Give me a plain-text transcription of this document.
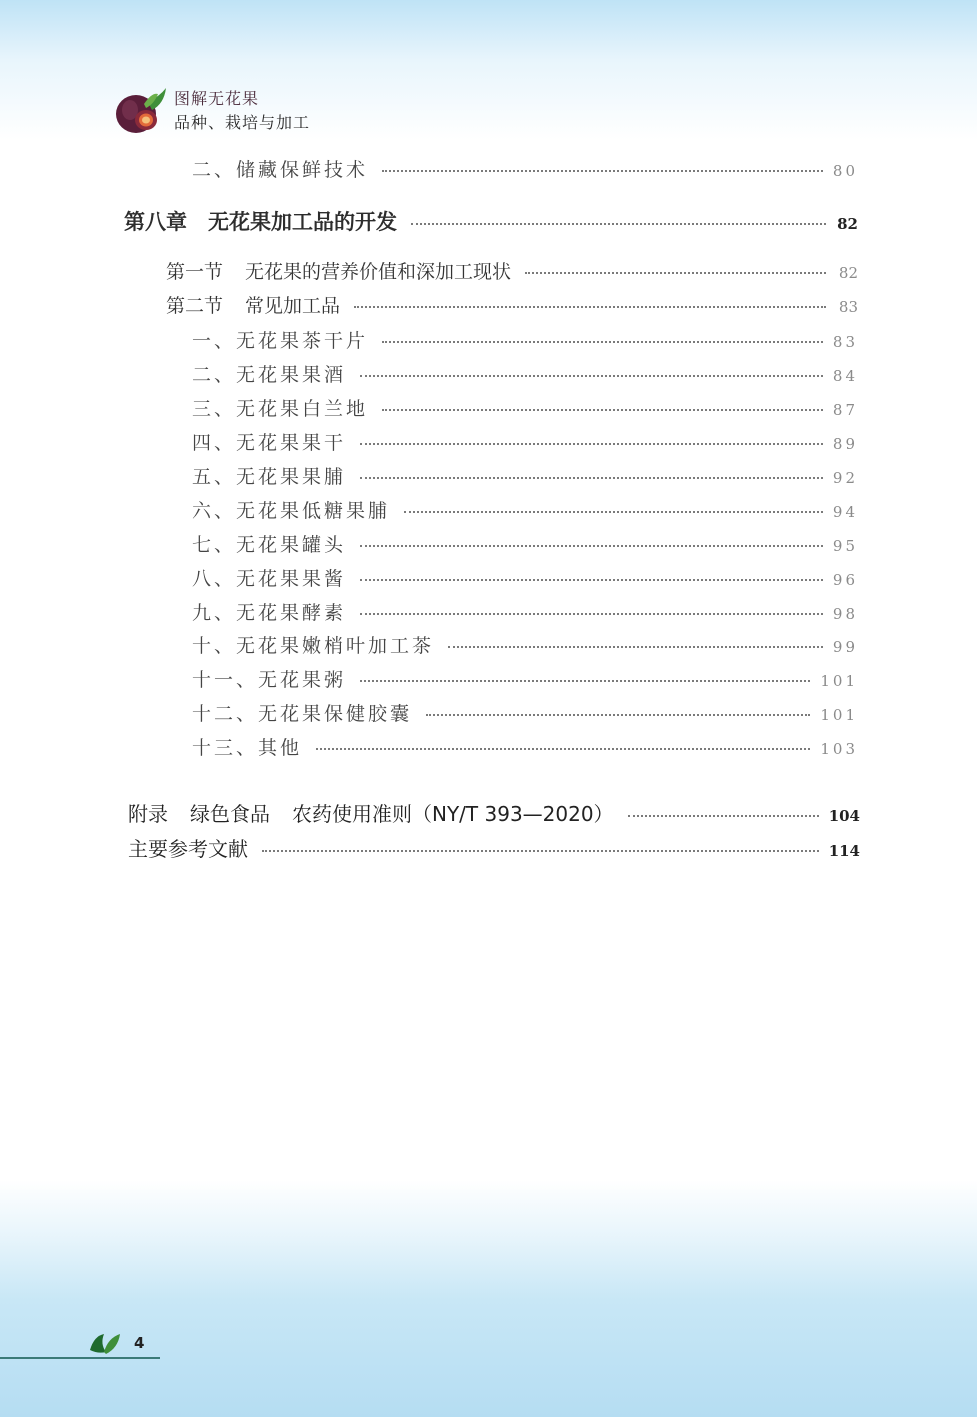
图解无花果
品种、栽培与加工
二、储藏保鲜技术	80
第八章　无花果加工品的开发	82
第一节 无花果的营养价值和深加工现状	82
第二节 常见加工品	83
一、无花果茶干片	83
二、无花果果酒	84
三、无花果白兰地	87
四、无花果果干	89
五、无花果果脯	92
六、无花果低糖果脯	94
七、无花果罐头	95
八、无花果果酱	96
九、无花果酵素	98
十、无花果嫩梢叶加工茶	99
十一、无花果粥	101
十二、无花果保健胶囊	101
十三、其他	103
附录 绿色食品 农药使用准则（NY/T 393—2020）	104
主要参考文献	114
4
